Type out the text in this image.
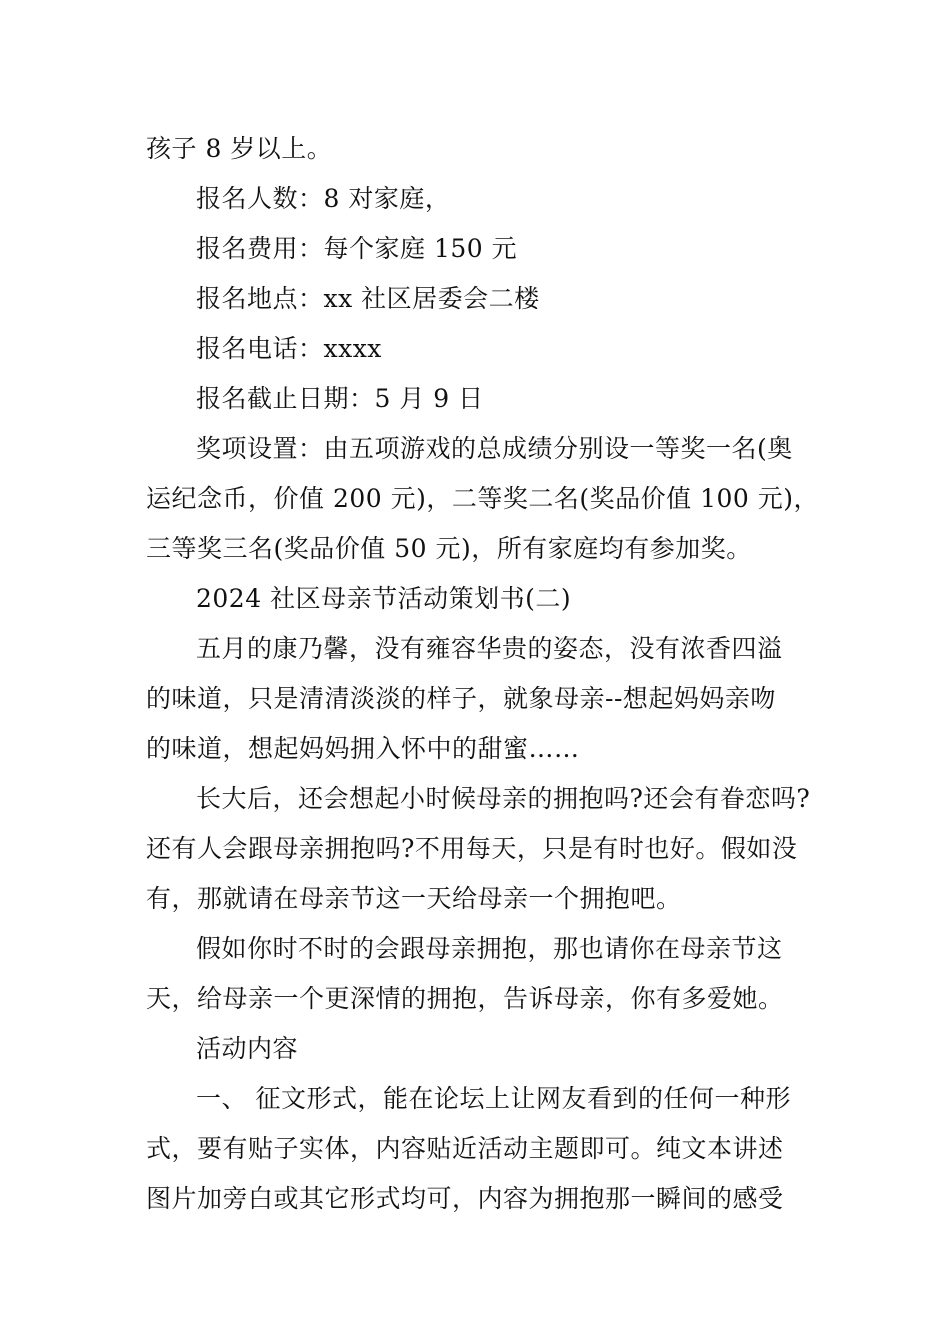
孩子 8 岁以上。

报名人数：8 对家庭，

报名费用：每个家庭 150 元

报名地点：xx 社区居委会二楼

报名电话：xxxx

报名截止日期：5 月 9 日

奖项设置：由五项游戏的总成绩分别设一等奖一名(奥

运纪念币，价值 200 元)，二等奖二名(奖品价值 100 元)，

三等奖三名(奖品价值 50 元)，所有家庭均有参加奖。

2024 社区母亲节活动策划书(二)

五月的康乃馨，没有雍容华贵的姿态，没有浓香四溢

的味道，只是清清淡淡的样子，就象母亲--想起妈妈亲吻

的味道，想起妈妈拥入怀中的甜蜜……

长大后，还会想起小时候母亲的拥抱吗?还会有眷恋吗?

还有人会跟母亲拥抱吗?不用每天，只是有时也好。假如没

有，那就请在母亲节这一天给母亲一个拥抱吧。

假如你时不时的会跟母亲拥抱，那也请你在母亲节这

天，给母亲一个更深情的拥抱，告诉母亲，你有多爱她。

活动内容

一、 征文形式，能在论坛上让网友看到的任何一种形

式，要有贴子实体，内容贴近活动主题即可。纯文本讲述

图片加旁白或其它形式均可，内容为拥抱那一瞬间的感受
